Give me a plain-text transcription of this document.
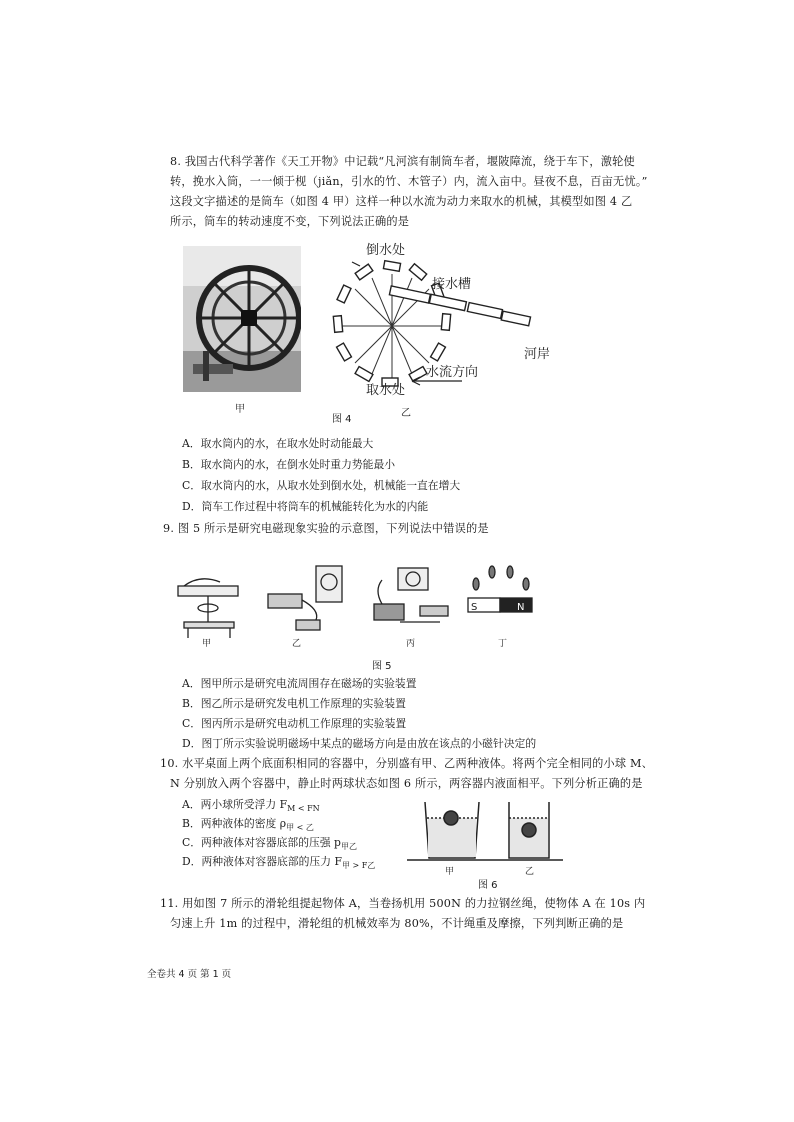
8. 我国古代科学著作《天工开物》中记载“凡河滨有制筒车者，堰陂障流，绕于车下，激轮使
转，挽水入筒，一一倾于枧（jiǎn，引水的竹、木管子）内，流入亩中。昼夜不息，百亩无忧。”
这段文字描述的是筒车（如图 4 甲）这样一种以水流为动力来取水的机械，其模型如图 4 乙
所示，筒车的转动速度不变，下列说法正确的是
甲
倒水处
接水槽
河岸
取水处
水流方向
图 4
乙
A．取水筒内的水，在取水处时动能最大
B．取水筒内的水，在倒水处时重力势能最小
C．取水筒内的水，从取水处到倒水处，机械能一直在增大
D．筒车工作过程中将筒车的机械能转化为水的内能
9. 图 5 所示是研究电磁现象实验的示意图，下列说法中错误的是
S	N
甲	乙	丙	丁
图 5
A．图甲所示是研究电流周围存在磁场的实验装置
B．图乙所示是研究发电机工作原理的实验装置
C．图丙所示是研究电动机工作原理的实验装置
D．图丁所示实验说明磁场中某点的磁场方向是由放在该点的小磁针决定的
10. 水平桌面上两个底面积相同的容器中，分别盛有甲、乙两种液体。将两个完全相同的小球 M、
N 分别放入两个容器中，静止时两球状态如图 6 所示，两容器内液面相平。下列分析正确的是
A．两小球所受浮力 $F_{M < FN}$
B．两种液体的密度 $\rho_{甲 <}$ $_乙$
C．两种液体对容器底部的压强 $p_{甲乙}$
D．两种液体对容器底部的压力 $F_{甲 > F乙}$
甲	乙
图 6
11. 用如图 7 所示的滑轮组提起物体 A，当卷扬机用 500N 的力拉钢丝绳，使物体 A 在 10s 内
匀速上升 1m 的过程中，滑轮组的机械效率为 80%，不计绳重及摩擦，下列判断正确的是
全卷共 4 页 第 1 页
